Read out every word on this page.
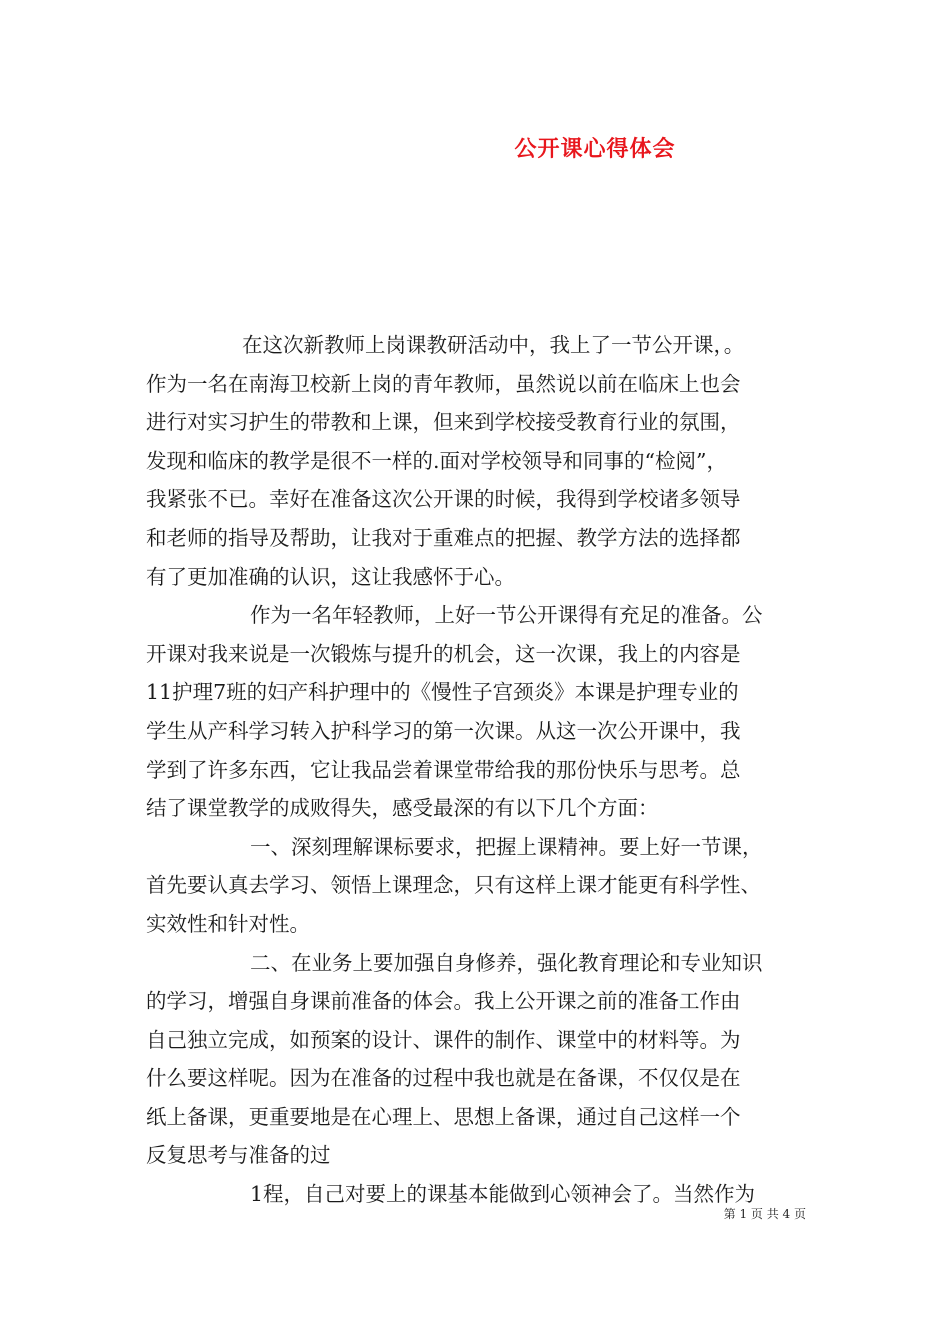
公开课心得体会
在这次新教师上岗课教研活动中，我上了一节公开课，。
作为一名在南海卫校新上岗的青年教师，虽然说以前在临床上也会
进行对实习护生的带教和上课，但来到学校接受教育行业的氛围，
发现和临床的教学是很不一样的.面对学校领导和同事的“检阅”，
我紧张不已。幸好在准备这次公开课的时候，我得到学校诸多领导
和老师的指导及帮助，让我对于重难点的把握、教学方法的选择都
有了更加准确的认识，这让我感怀于心。
作为一名年轻教师，上好一节公开课得有充足的准备。公
开课对我来说是一次锻炼与提升的机会，这一次课，我上的内容是
11护理7班的妇产科护理中的《慢性子宫颈炎》本课是护理专业的
学生从产科学习转入护科学习的第一次课。从这一次公开课中，我
学到了许多东西，它让我品尝着课堂带给我的那份快乐与思考。总
结了课堂教学的成败得失，感受最深的有以下几个方面：
一、深刻理解课标要求，把握上课精神。要上好一节课，
首先要认真去学习、领悟上课理念，只有这样上课才能更有科学性、
实效性和针对性。
二、在业务上要加强自身修养，强化教育理论和专业知识
的学习，增强自身课前准备的体会。我上公开课之前的准备工作由
自己独立完成，如预案的设计、课件的制作、课堂中的材料等。为
什么要这样呢。因为在准备的过程中我也就是在备课，不仅仅是在
纸上备课，更重要地是在心理上、思想上备课，通过自己这样一个
反复思考与准备的过
1程，自己对要上的课基本能做到心领神会了。当然作为
第 1 页 共 4 页
